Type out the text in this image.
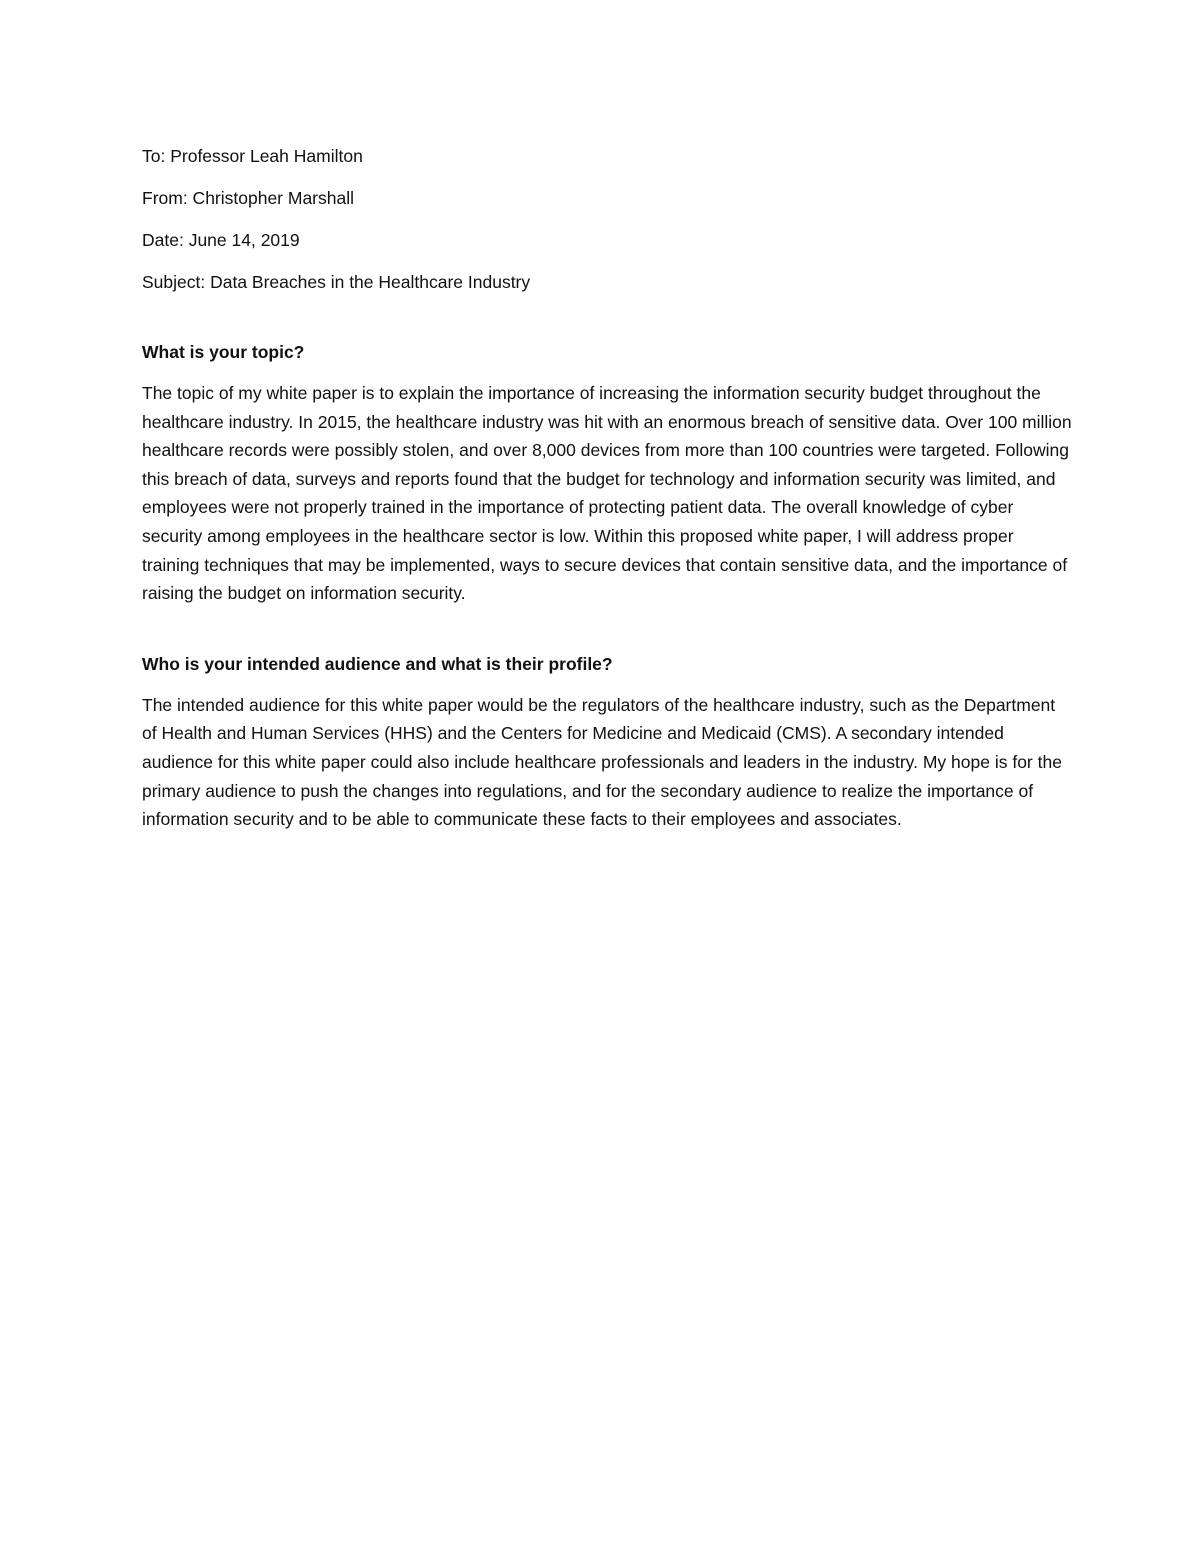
To: Professor Leah Hamilton

From: Christopher Marshall

Date: June 14, 2019

Subject: Data Breaches in the Healthcare Industry

What is your topic?

The topic of my white paper is to explain the importance of increasing the information security budget throughout the healthcare industry. In 2015, the healthcare industry was hit with an enormous breach of sensitive data. Over 100 million healthcare records were possibly stolen, and over 8,000 devices from more than 100 countries were targeted. Following this breach of data, surveys and reports found that the budget for technology and information security was limited, and employees were not properly trained in the importance of protecting patient data. The overall knowledge of cyber security among employees in the healthcare sector is low. Within this proposed white paper, I will address proper training techniques that may be implemented, ways to secure devices that contain sensitive data, and the importance of raising the budget on information security.

Who is your intended audience and what is their profile?

The intended audience for this white paper would be the regulators of the healthcare industry, such as the Department of Health and Human Services (HHS) and the Centers for Medicine and Medicaid (CMS). A secondary intended audience for this white paper could also include healthcare professionals and leaders in the industry. My hope is for the primary audience to push the changes into regulations, and for the secondary audience to realize the importance of information security and to be able to communicate these facts to their employees and associates.
